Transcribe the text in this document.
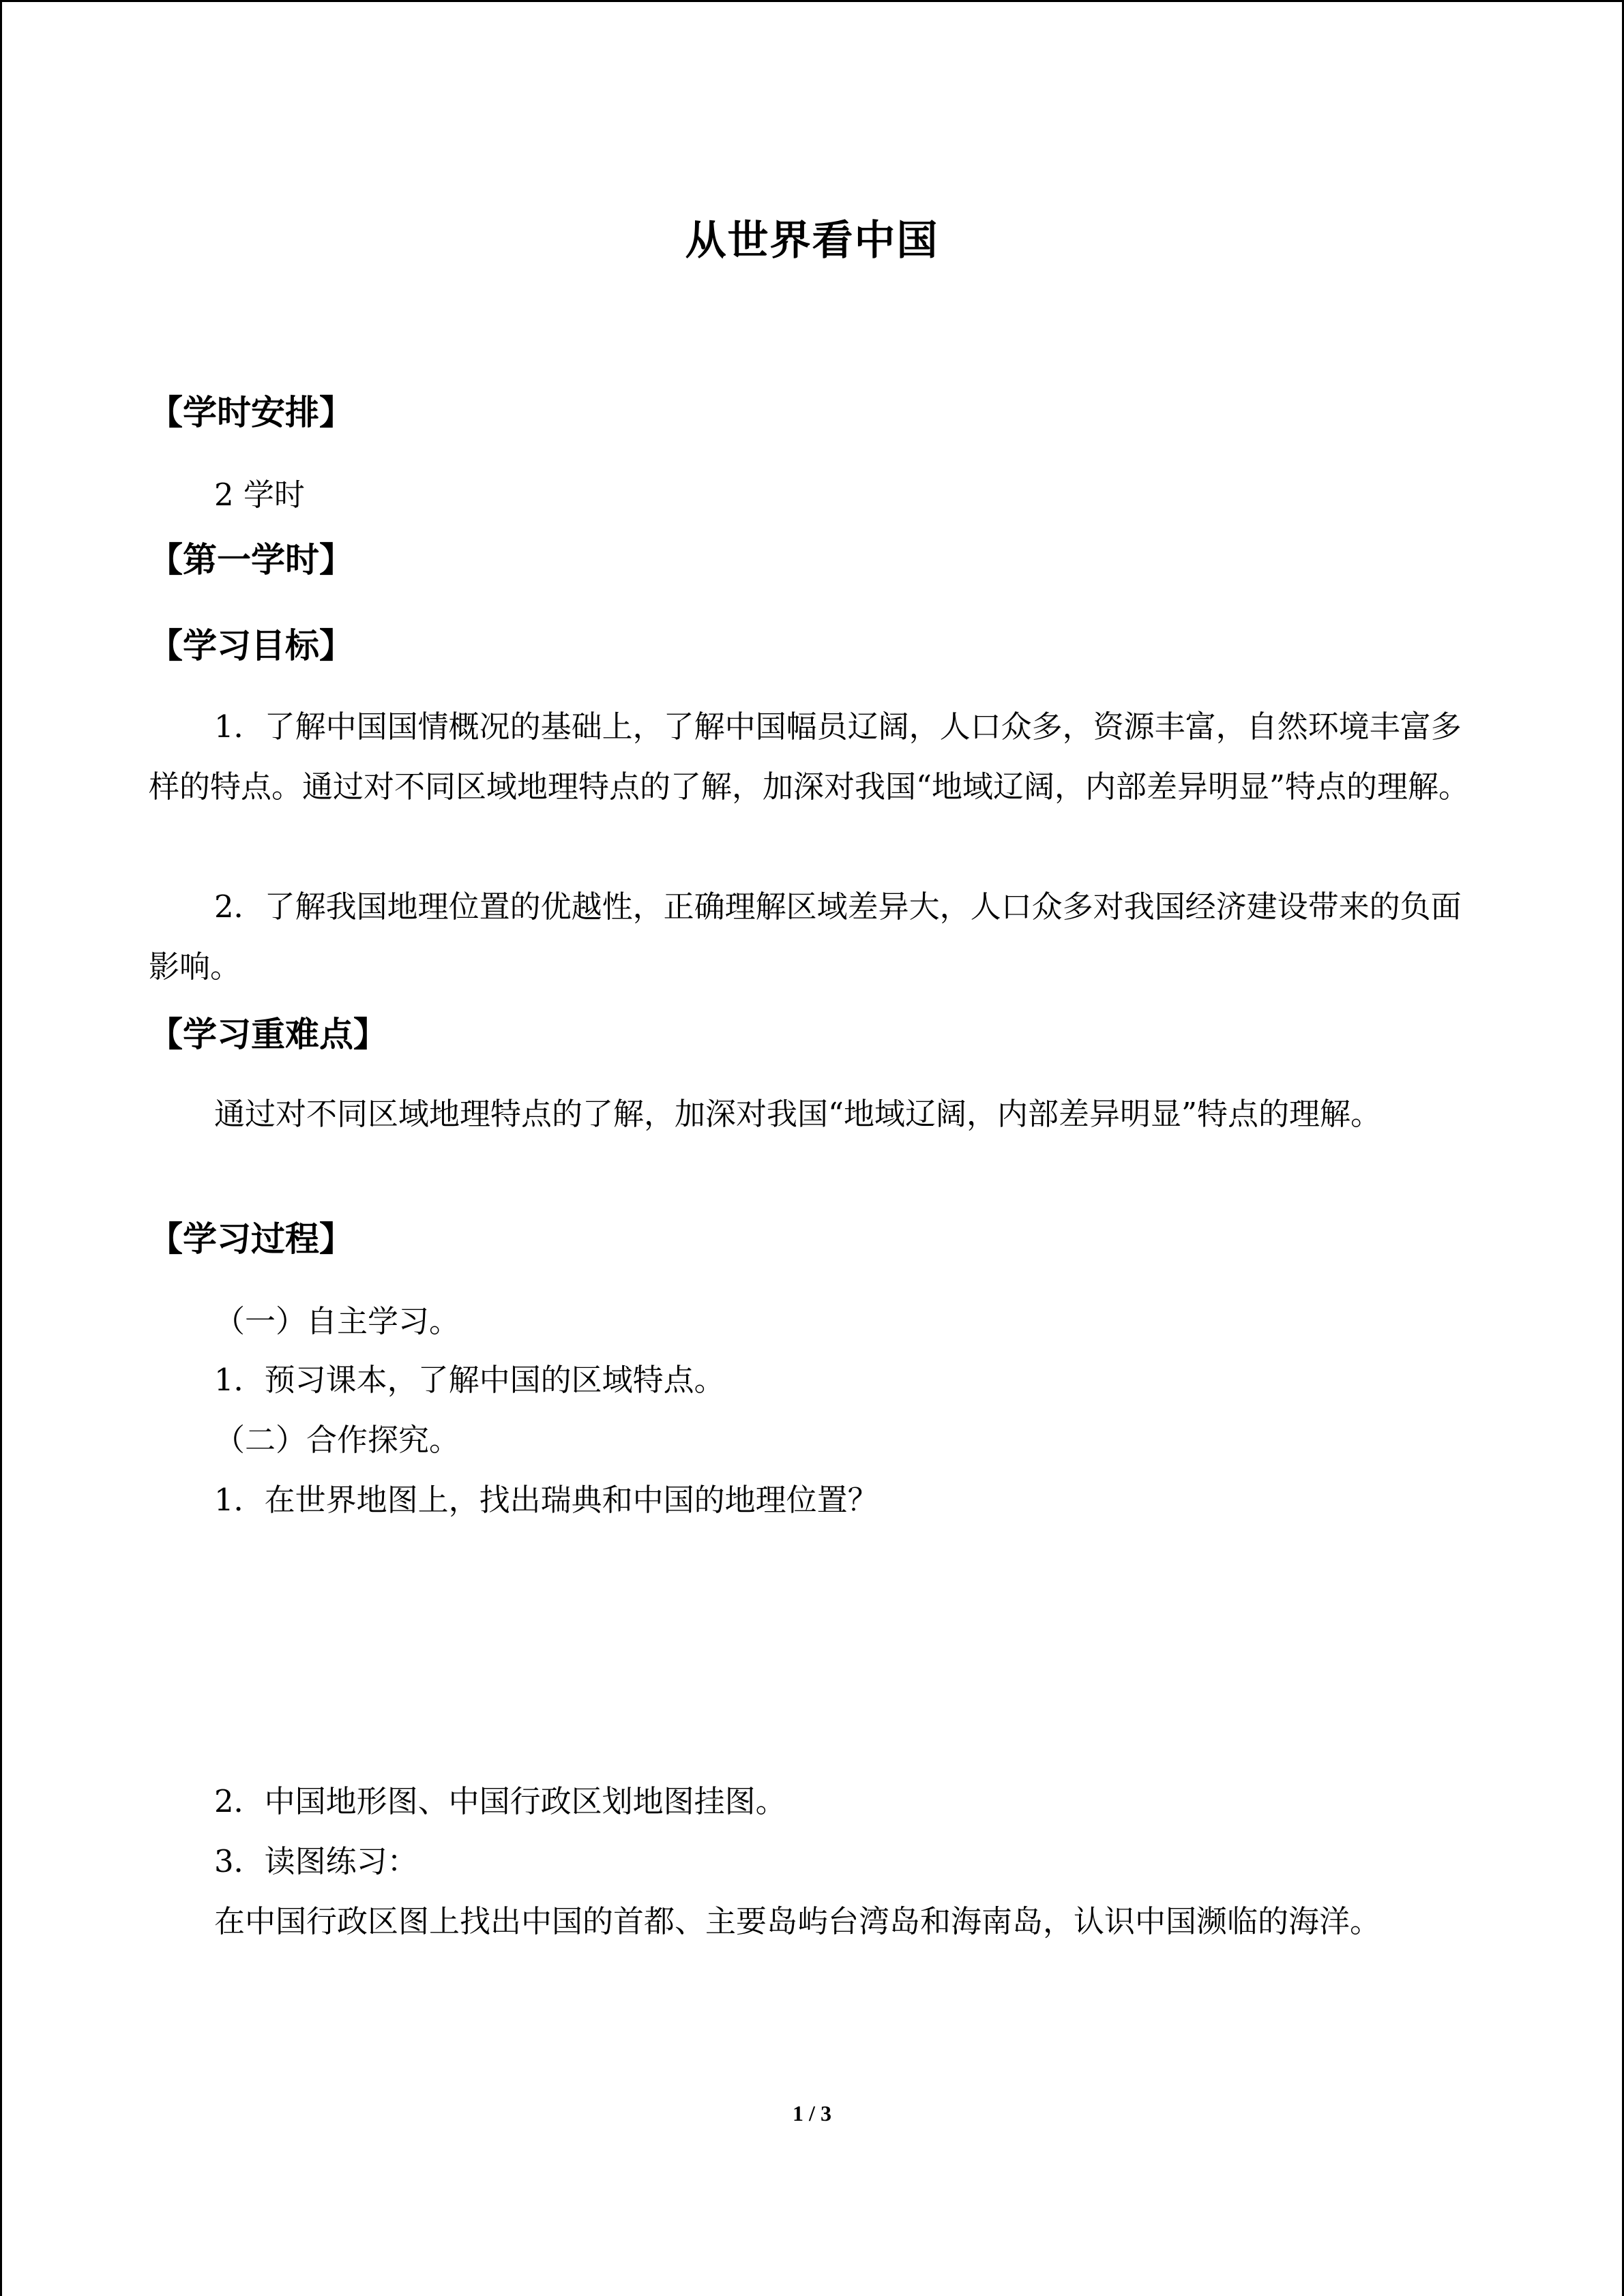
从世界看中国
【学时安排】
2 学时
【第一学时】
【学习目标】

1．了解中国国情概况的基础上，了解中国幅员辽阔，人口众多，资源丰富，自然环境丰富多样的特点。通过对不同区域地理特点的了解，加深对我国“地域辽阔，内部差异明显”特点的理解。

2．了解我国地理位置的优越性，正确理解区域差异大，人口众多对我国经济建设带来的负面影响。

【学习重难点】

通过对不同区域地理特点的了解，加深对我国“地域辽阔，内部差异明显”特点的理解。

【学习过程】
（一）自主学习。
1．预习课本，了解中国的区域特点。
（二）合作探究。
1．在世界地图上，找出瑞典和中国的地理位置？
2．中国地形图、中国行政区划地图挂图。
3．读图练习：
在中国行政区图上找出中国的首都、主要岛屿台湾岛和海南岛，认识中国濒临的海洋。
1 / 3
